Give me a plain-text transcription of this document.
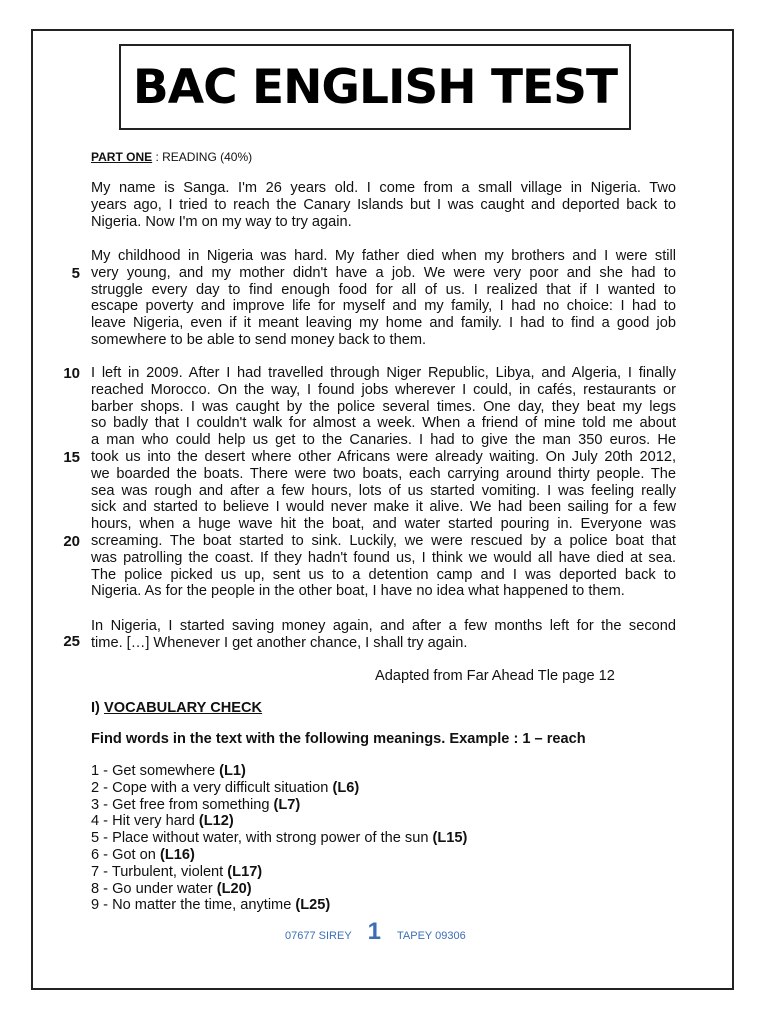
BAC ENGLISH TEST
PART ONE : READING (40%)
My name is Sanga. I'm 26 years old. I come from a small village in Nigeria. Two
years ago, I tried to reach the Canary Islands but I was caught and deported back to
Nigeria. Now I'm on my way to try again.
My childhood in Nigeria was hard. My father died when my brothers and I were still
very young, and my mother didn't have a job. We were very poor and she had to
struggle every day to find enough food for all of us. I realized that if I wanted to
escape poverty and improve life for myself and my family, I had no choice: I had to
leave Nigeria, even if it meant leaving my home and family. I had to find a good job
somewhere to be able to send money back to them.
I left in 2009. After I had travelled through Niger Republic, Libya, and Algeria, I finally
reached Morocco. On the way, I found jobs wherever I could, in cafés, restaurants or
barber shops. I was caught by the police several times. One day, they beat my legs
so badly that I couldn't walk for almost a week. When a friend of mine told me about
a man who could help us get to the Canaries. I had to give the man 350 euros. He
took us into the desert where other Africans were already waiting. On July 20th 2012,
we boarded the boats. There were two boats, each carrying around thirty people. The
sea was rough and after a few hours, lots of us started vomiting. I was feeling really
sick and started to believe I would never make it alive. We had been sailing for a few
hours, when a huge wave hit the boat, and water started pouring in. Everyone was
screaming. The boat started to sink. Luckily, we were rescued by a police boat that
was patrolling the coast. If they hadn't found us, I think we would all have died at sea.
The police picked us up, sent us to a detention camp and I was deported back to
Nigeria. As for the people in the other boat, I have no idea what happened to them.
In Nigeria, I started saving money again, and after a few months left for the second
time. […] Whenever I get another chance, I shall try again.
5
10
15
20
25
Adapted from Far Ahead Tle page 12
I) VOCABULARY CHECK
Find words in the text with the following meanings. Example : 1 – reach
1 - Get somewhere (L1)
2 - Cope with a very difficult situation (L6)
3 - Get free from something (L7)
4 - Hit very hard (L12)
5 - Place without water, with strong power of the sun (L15)
6 - Got on (L16)
7 - Turbulent, violent (L17)
8 - Go under water (L20)
9 - No matter the time, anytime (L25)
07677 SIREY 1 TAPEY 09306
